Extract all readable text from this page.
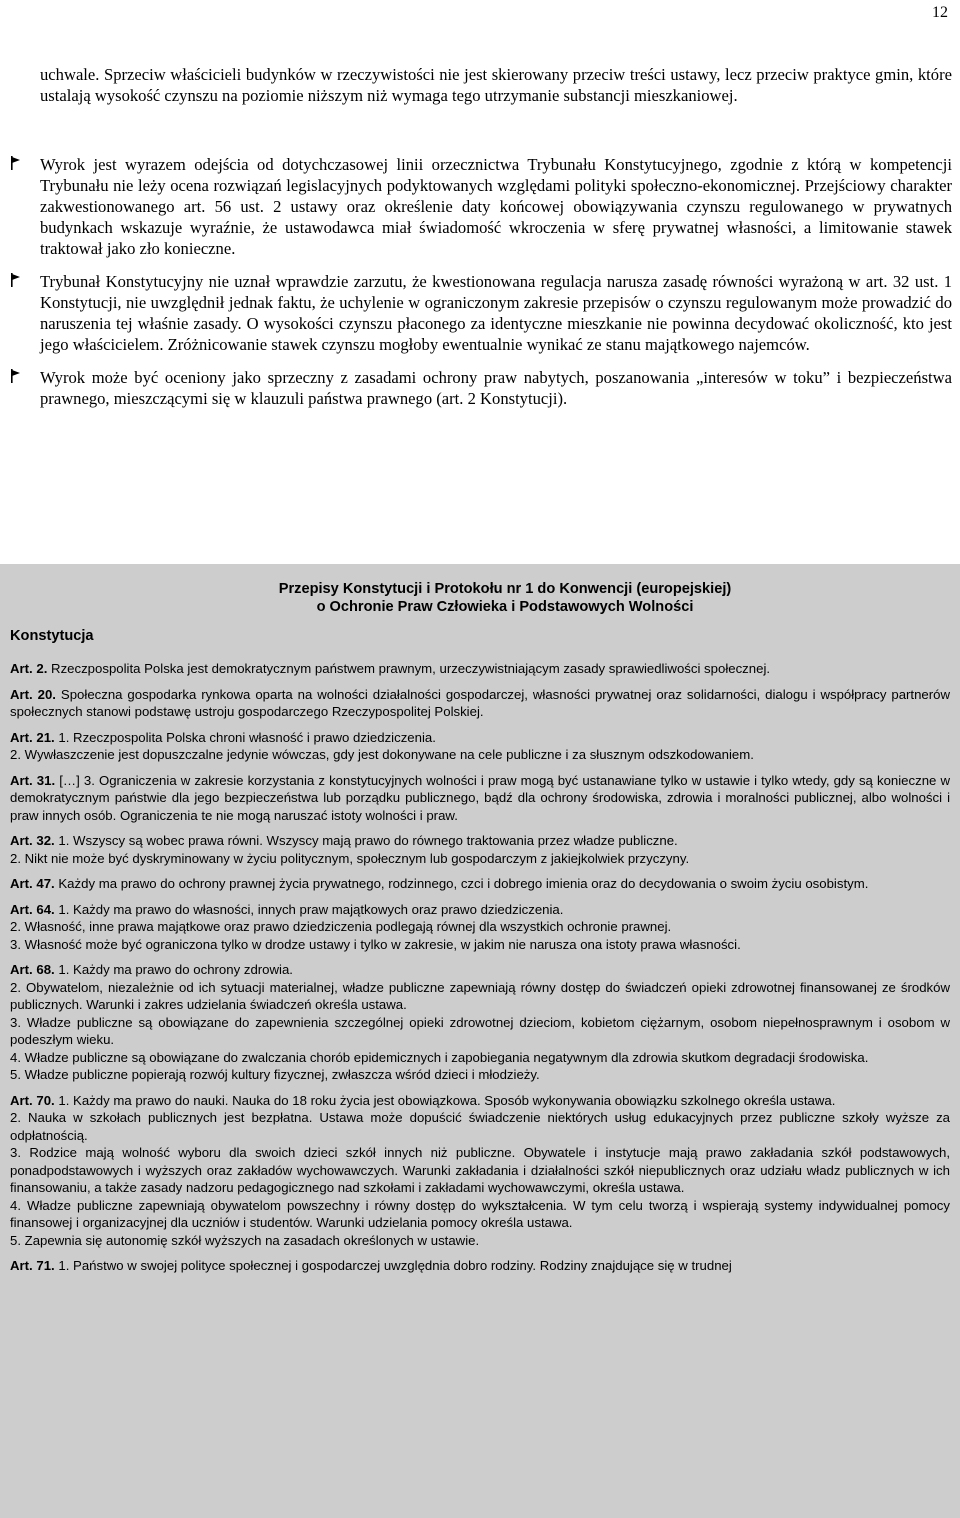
12

uchwale. Sprzeciw właścicieli budynków w rzeczywistości nie jest skierowany przeciw treści ustawy, lecz przeciw praktyce gmin, które ustalają wysokość czynszu na poziomie niższym niż wymaga tego utrzymanie substancji mieszkaniowej.

Wyrok jest wyrazem odejścia od dotychczasowej linii orzecznictwa Trybunału Konstytucyjnego, zgodnie z którą w kompetencji Trybunału nie leży ocena rozwiązań legislacyjnych podyktowanych względami polityki społeczno-ekonomicznej. Przejściowy charakter zakwestionowanego art. 56 ust. 2 ustawy oraz określenie daty końcowej obowiązywania czynszu regulowanego w prywatnych budynkach wskazuje wyraźnie, że ustawodawca miał świadomość wkroczenia w sferę prywatnej własności, a limitowanie stawek traktował jako zło konieczne.
Trybunał Konstytucyjny nie uznał wprawdzie zarzutu, że kwestionowana regulacja narusza zasadę równości wyrażoną w art. 32 ust. 1 Konstytucji, nie uwzględnił jednak faktu, że uchylenie w ograniczonym zakresie przepisów o czynszu regulowanym może prowadzić do naruszenia tej właśnie zasady. O wysokości czynszu płaconego za identyczne mieszkanie nie powinna decydować okoliczność, kto jest jego właścicielem. Zróżnicowanie stawek czynszu mogłoby ewentualnie wynikać ze stanu majątkowego najemców.
Wyrok może być oceniony jako sprzeczny z zasadami ochrony praw nabytych, poszanowania „interesów w toku” i bezpieczeństwa prawnego, mieszczącymi się w klauzuli państwa prawnego (art. 2 Konstytucji).
Przepisy Konstytucji i Protokołu nr 1 do Konwencji (europejskiej)
o Ochronie Praw Człowieka i Podstawowych Wolności
Konstytucja

Art. 2. Rzeczpospolita Polska jest demokratycznym państwem prawnym, urzeczywistniającym zasady sprawiedliwości społecznej.

Art. 20. Społeczna gospodarka rynkowa oparta na wolności działalności gospodarczej, własności prywatnej oraz solidarności, dialogu i współpracy partnerów społecznych stanowi podstawę ustroju gospodarczego Rzeczypospolitej Polskiej.

Art. 21. 1. Rzeczpospolita Polska chroni własność i prawo dziedziczenia.

2. Wywłaszczenie jest dopuszczalne jedynie wówczas, gdy jest dokonywane na cele publiczne i za słusznym odszkodowaniem.

Art. 31. […] 3. Ograniczenia w zakresie korzystania z konstytucyjnych wolności i praw mogą być ustanawiane tylko w ustawie i tylko wtedy, gdy są konieczne w demokratycznym państwie dla jego bezpieczeństwa lub porządku publicznego, bądź dla ochrony środowiska, zdrowia i moralności publicznej, albo wolności i praw innych osób. Ograniczenia te nie mogą naruszać istoty wolności i praw.

Art. 32. 1. Wszyscy są wobec prawa równi. Wszyscy mają prawo do równego traktowania przez władze publiczne.

2. Nikt nie może być dyskryminowany w życiu politycznym, społecznym lub gospodarczym z jakiejkolwiek przyczyny.

Art. 47. Każdy ma prawo do ochrony prawnej życia prywatnego, rodzinnego, czci i dobrego imienia oraz do decydowania o swoim życiu osobistym.

Art. 64. 1. Każdy ma prawo do własności, innych praw majątkowych oraz prawo dziedziczenia.

2. Własność, inne prawa majątkowe oraz prawo dziedziczenia podlegają równej dla wszystkich ochronie prawnej.

3. Własność może być ograniczona tylko w drodze ustawy i tylko w zakresie, w jakim nie narusza ona istoty prawa własności.

Art. 68. 1. Każdy ma prawo do ochrony zdrowia.

2. Obywatelom, niezależnie od ich sytuacji materialnej, władze publiczne zapewniają równy dostęp do świadczeń opieki zdrowotnej finansowanej ze środków publicznych. Warunki i zakres udzielania świadczeń określa ustawa.

3. Władze publiczne są obowiązane do zapewnienia szczególnej opieki zdrowotnej dzieciom, kobietom ciężarnym, osobom niepełnosprawnym i osobom w podeszłym wieku.

4. Władze publiczne są obowiązane do zwalczania chorób epidemicznych i zapobiegania negatywnym dla zdrowia skutkom degradacji środowiska.

5. Władze publiczne popierają rozwój kultury fizycznej, zwłaszcza wśród dzieci i młodzieży.

Art. 70. 1. Każdy ma prawo do nauki. Nauka do 18 roku życia jest obowiązkowa. Sposób wykonywania obowiązku szkolnego określa ustawa.

2. Nauka w szkołach publicznych jest bezpłatna. Ustawa może dopuścić świadczenie niektórych usług edukacyjnych przez publiczne szkoły wyższe za odpłatnością.

3. Rodzice mają wolność wyboru dla swoich dzieci szkół innych niż publiczne. Obywatele i instytucje mają prawo zakładania szkół podstawowych, ponadpodstawowych i wyższych oraz zakładów wychowawczych. Warunki zakładania i działalności szkół niepublicznych oraz udziału władz publicznych w ich finansowaniu, a także zasady nadzoru pedagogicznego nad szkołami i zakładami wychowawczymi, określa ustawa.

4. Władze publiczne zapewniają obywatelom powszechny i równy dostęp do wykształcenia. W tym celu tworzą i wspierają systemy indywidualnej pomocy finansowej i organizacyjnej dla uczniów i studentów. Warunki udzielania pomocy określa ustawa.

5. Zapewnia się autonomię szkół wyższych na zasadach określonych w ustawie.

Art. 71. 1. Państwo w swojej polityce społecznej i gospodarczej uwzględnia dobro rodziny. Rodziny znajdujące się w trudnej
